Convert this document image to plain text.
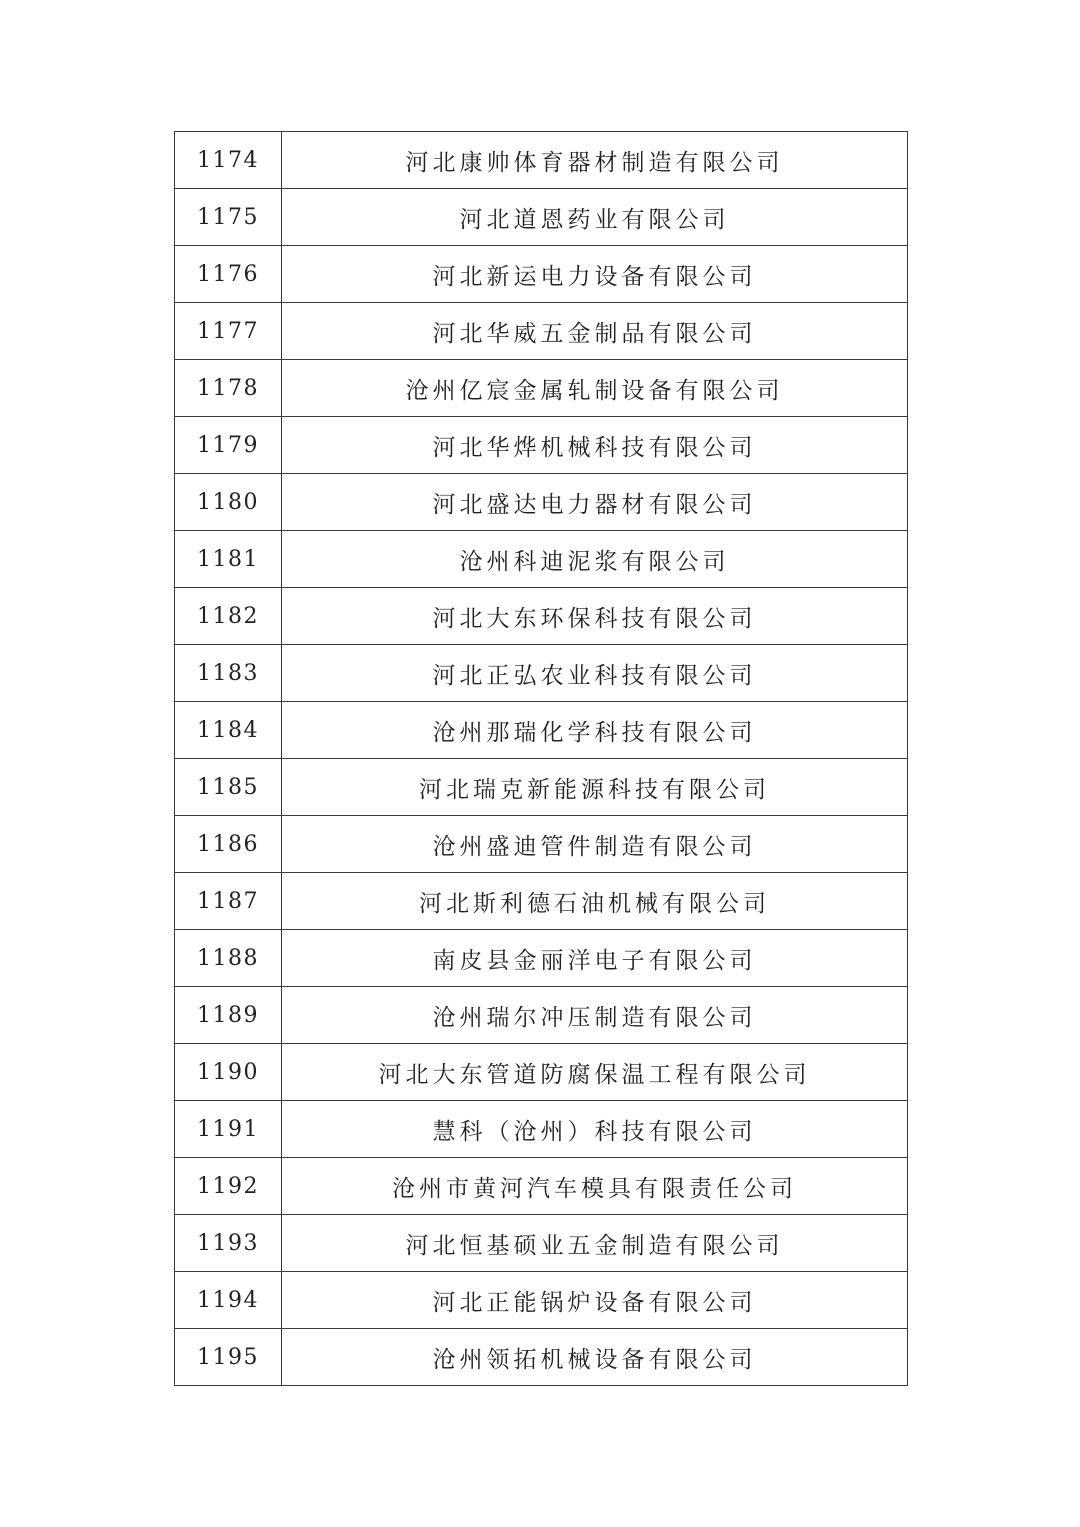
1174	河北康帅体育器材制造有限公司
1175	河北道恩药业有限公司
1176	河北新运电力设备有限公司
1177	河北华威五金制品有限公司
1178	沧州亿宸金属轧制设备有限公司
1179	河北华烨机械科技有限公司
1180	河北盛达电力器材有限公司
1181	沧州科迪泥浆有限公司
1182	河北大东环保科技有限公司
1183	河北正弘农业科技有限公司
1184	沧州那瑞化学科技有限公司
1185	河北瑞克新能源科技有限公司
1186	沧州盛迪管件制造有限公司
1187	河北斯利德石油机械有限公司
1188	南皮县金丽洋电子有限公司
1189	沧州瑞尔冲压制造有限公司
1190	河北大东管道防腐保温工程有限公司
1191	慧科（沧州）科技有限公司
1192	沧州市黄河汽车模具有限责任公司
1193	河北恒基硕业五金制造有限公司
1194	河北正能锅炉设备有限公司
1195	沧州领拓机械设备有限公司
